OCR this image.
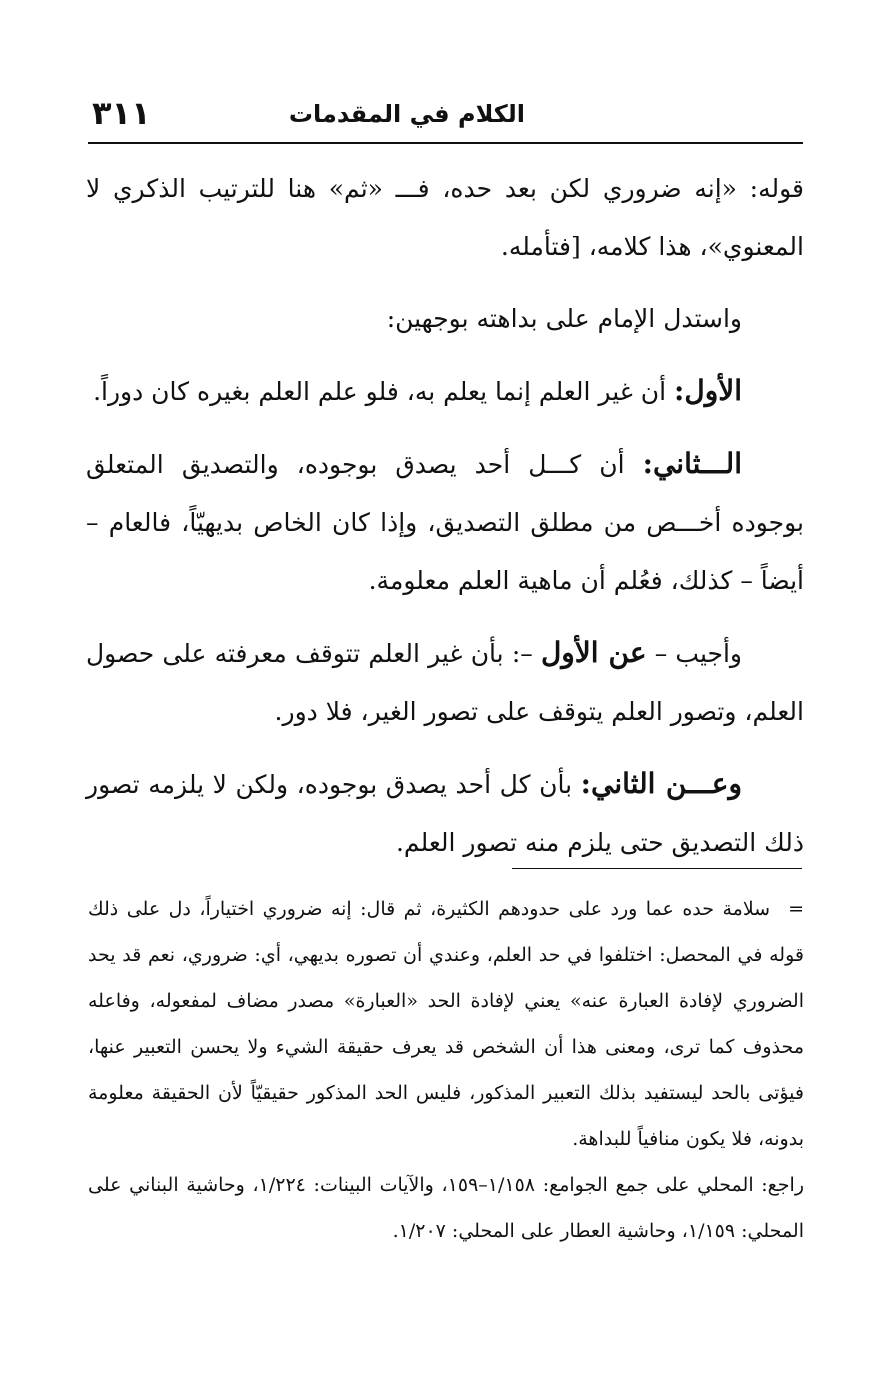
الكلام في المقدمات
٣١١

قوله: «إنه ضروري لكن بعد حده، فـــ «ثم» هنا للترتيب الذكري لا المعنوي»، هذا كلامه، [فتأمله.

واستدل الإمام على بداهته بوجهين:

الأول: أن غير العلم إنما يعلم به، فلو علم العلم بغيره كان دوراً.

الـــثاني: أن كـــل أحد يصدق بوجوده، والتصديق المتعلق بوجوده أخـــص من مطلق التصديق، وإذا كان الخاص بديهيّاً، فالعام – أيضاً – كذلك، فعُلم أن ماهية العلم معلومة.

وأجيب – عن الأول –: بأن غير العلم تتوقف معرفته على حصول العلم، وتصور العلم يتوقف على تصور الغير، فلا دور.

وعـــن الثاني: بأن كل أحد يصدق بوجوده، ولكن لا يلزمه تصور ذلك التصديق حتى يلزم منه تصور العلم.

=سلامة حده عما ورد على حدودهم الكثيرة، ثم قال: إنه ضروري اختياراً، دل على ذلك قوله في المحصل: اختلفوا في حد العلم، وعندي أن تصوره بديهي، أي: ضروري، نعم قد يحد الضروري لإفادة العبارة عنه» يعني لإفادة الحد «العبارة» مصدر مضاف لمفعوله، وفاعله محذوف كما ترى، ومعنى هذا أن الشخص قد يعرف حقيقة الشيء ولا يحسن التعبير عنها، فيؤتى بالحد ليستفيد بذلك التعبير المذكور، فليس الحد المذكور حقيقيّاً لأن الحقيقة معلومة بدونه، فلا يكون منافياً للبداهة.

راجع: المحلي على جمع الجوامع: ١/١٥٨–١٥٩، والآيات البينات: ١/٢٢٤، وحاشية البناني على المحلي: ١/١٥٩، وحاشية العطار على المحلي: ١/٢٠٧.
